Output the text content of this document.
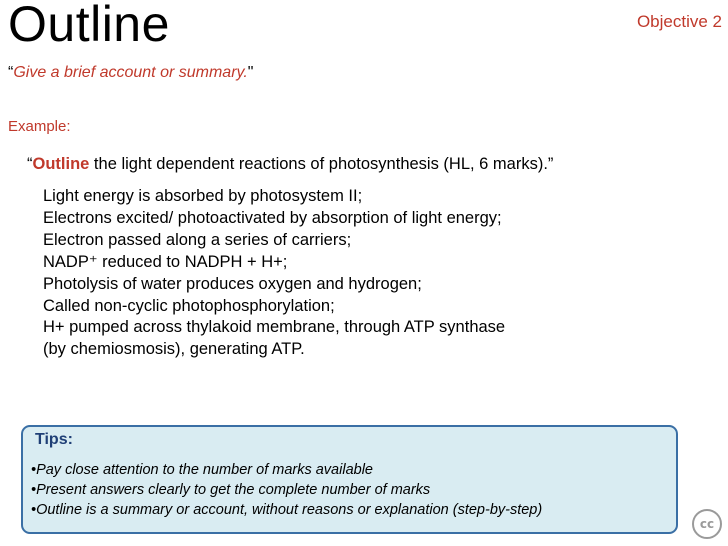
Outline	Objective 2
“Give a brief account or summary."
Example:
“Outline the light dependent reactions of photosynthesis (HL, 6 marks).”
Light energy is absorbed by photosystem II;
Electrons excited/ photoactivated by absorption of light energy;
Electron passed along a series of carriers;
NADP⁺ reduced to NADPH + H+;
Photolysis of water produces oxygen and hydrogen;
Called non-cyclic photophosphorylation;
H+ pumped across thylakoid membrane, through ATP synthase
(by chemiosmosis), generating ATP.
Tips:
•Pay close attention to the number of marks available
•Present answers clearly to get the complete number of marks
•Outline is a summary or account, without reasons or explanation (step-by-step)
cc
